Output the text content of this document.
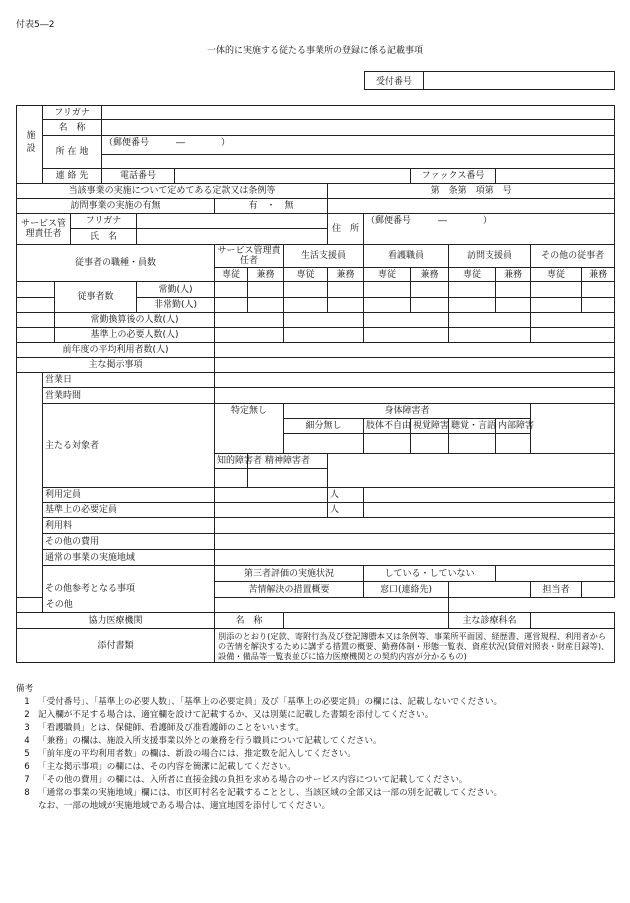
付表5―2
一体的に実施する従たる事業所の登録に係る記載事項
受付番号
施設	フリガナ															
	名　称															
	所 在 地			（郵便番号　　　―　　　　）												

	連 絡 先			電話番号								ファックス番号				
当該事業の実施について定めてある定款又は条例等										第　条第　項第　号						
訪問事業の実施の有無							有　・　無									
サービス管理責任者			フリガナ							住　所	（郵便番号　　　―　　　　）					
			氏　名													
従事者の職種・員数							サービス管理責任者		生活支援員		看護職員		訪問支援員		その他の従事者	
							専従	兼務	専従	兼務	専従	兼務	専従	兼務	専従	兼務
		従事者数			常勤(人)											
					非常勤(人)											
		常勤換算後の人数(人)														
		基準上の必要人数(人)														
前年度の平均利用者数(人)																
主な掲示事項																
	営業日															
	営業時間															
	主たる対象者						特定無し		身体障害者							
									細分無し		肢体不自由	視覚障害	聴覚・言語	内部障害		

							知的障害者	精神障害者								

	利用定員									人						
	基準上の必要定員									人						
	利用料															
	その他の費用															
	通常の事業の実施地域															
	その他参考となる事項						第三者評価の実施状況				している・していない					
							苦情解決の措置概要				窓口(連絡先)				担当者	
その他																
協力医療機関							名　称						主な診療科名			
添付書類							別添のとおり(定款、寄附行為及び登記簿謄本又は条例等、事業所平面図、経歴書、運営規程、利用者からの苦情を解決するために講ずる措置の概要、勤務体制・形態一覧表、資産状況(貸借対照表・財産目録等)、設備・備品等一覧表並びに協力医療機関との契約内容が分かるもの)									
備考
1 「受付番号」、「基準上の必要人数」、「基準上の必要定員」及び「基準上の必要定員」の欄には、記載しないでください。
2 記入欄が不足する場合は、適宜欄を設けて記載するか、又は別葉に記載した書類を添付してください。
3 「看護職員」とは、保健師、看護師及び准看護師のことをいいます。
4 「兼務」の欄は、施設入所支援事業以外との兼務を行う職員について記載してください。
5 「前年度の平均利用者数」の欄は、新設の場合には、推定数を記入してください。
6 「主な掲示事項」の欄には、その内容を簡潔に記載してください。
7 「その他の費用」の欄には、入所者に直接金銭の負担を求める場合のサービス内容について記載してください。
8 「通常の事業の実施地域」欄には、市区町村名を記載することとし、当該区域の全部又は一部の別を記載してください。
なお、一部の地域が実施地域である場合は、適宜地図を添付してください。
